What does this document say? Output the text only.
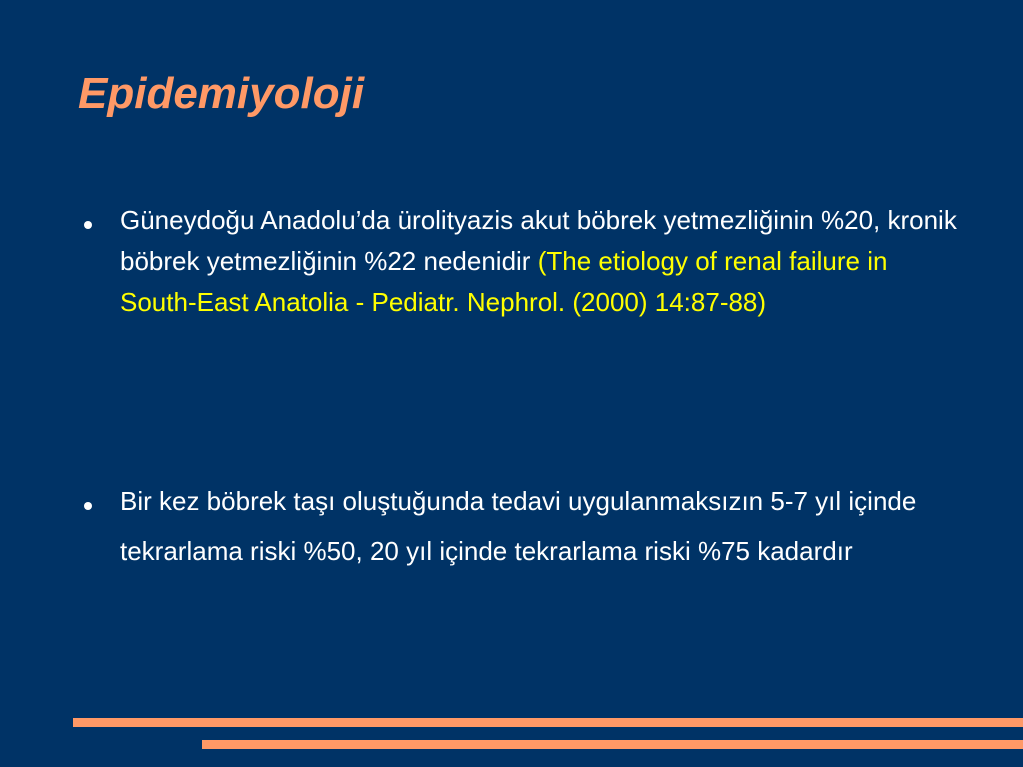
Epidemiyoloji
Güneydoğu Anadolu’da ürolityazis akut böbrek yetmezliğinin %20, kronik böbrek yetmezliğinin %22 nedenidir (The etiology of renal failure in South-East Anatolia - Pediatr. Nephrol. (2000) 14:87-88)
Bir kez böbrek taşı oluştuğunda tedavi uygulanmaksızın 5-7 yıl içinde tekrarlama riski %50, 20 yıl içinde tekrarlama riski %75 kadardır
